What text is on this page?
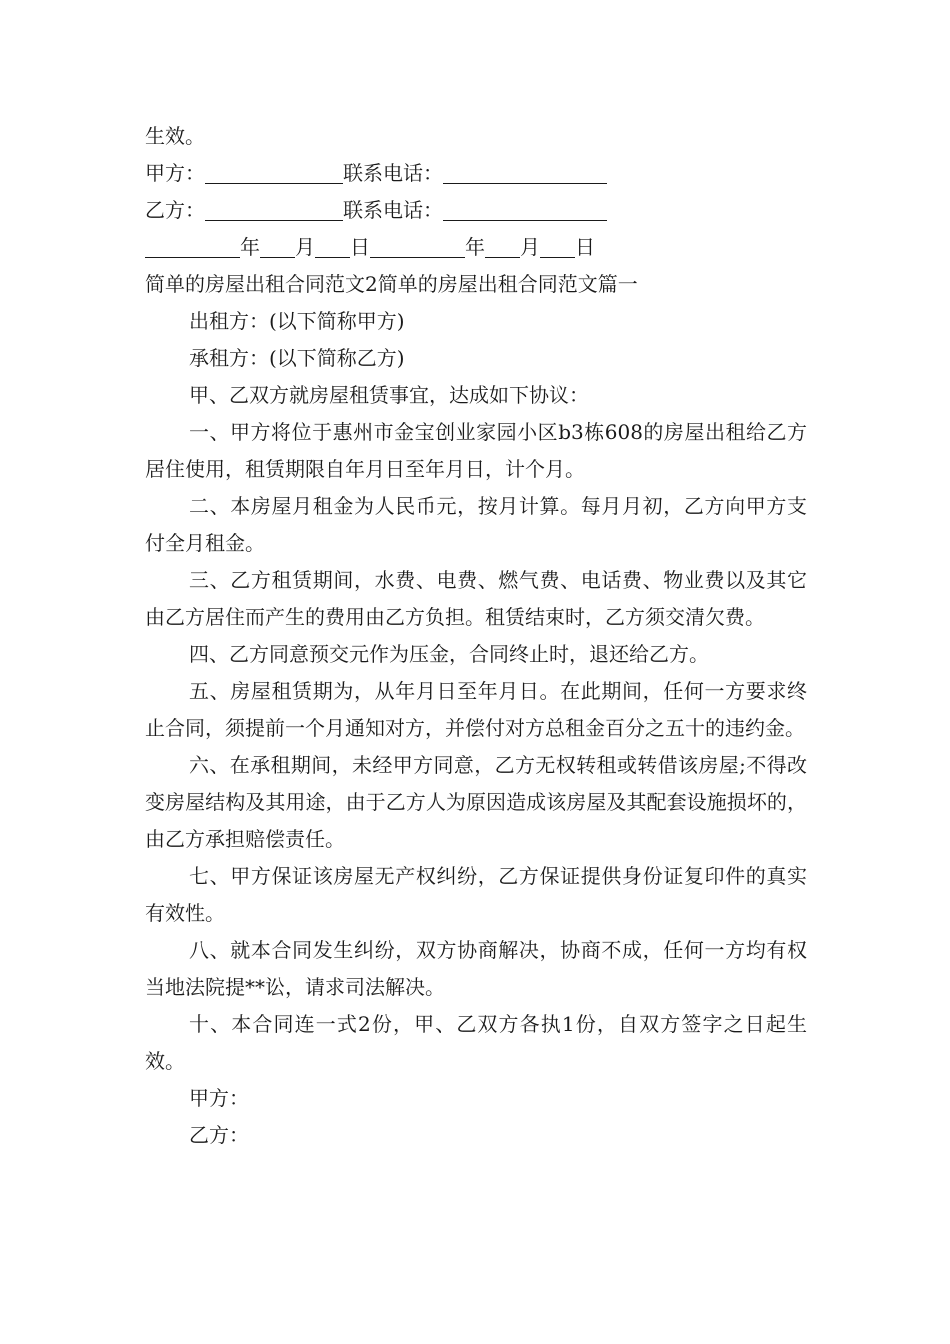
生效。
甲方：	联系电话：
乙方：	联系电话：
年 月 日	年 月 日
简单的房屋出租合同范文2简单的房屋出租合同范文篇一
出租方：(以下简称甲方)
承租方：(以下简称乙方)
甲、乙双方就房屋租赁事宜，达成如下协议：
一、甲方将位于惠州市金宝创业家园小区b3栋608的房屋出租给乙方居住使用，租赁期限自年月日至年月日，计个月。
二、本房屋月租金为人民币元，按月计算。每月月初，乙方向甲方支付全月租金。
三、乙方租赁期间，水费、电费、燃气费、电话费、物业费以及其它由乙方居住而产生的费用由乙方负担。租赁结束时，乙方须交清欠费。
四、乙方同意预交元作为压金，合同终止时，退还给乙方。
五、房屋租赁期为，从年月日至年月日。在此期间，任何一方要求终止合同，须提前一个月通知对方，并偿付对方总租金百分之五十的违约金。
六、在承租期间，未经甲方同意，乙方无权转租或转借该房屋;不得改变房屋结构及其用途，由于乙方人为原因造成该房屋及其配套设施损坏的，由乙方承担赔偿责任。
七、甲方保证该房屋无产权纠纷，乙方保证提供身份证复印件的真实有效性。
八、就本合同发生纠纷，双方协商解决，协商不成，任何一方均有权当地法院提**讼，请求司法解决。
十、本合同连一式2份，甲、乙双方各执1份，自双方签字之日起生效。
甲方：
乙方：
